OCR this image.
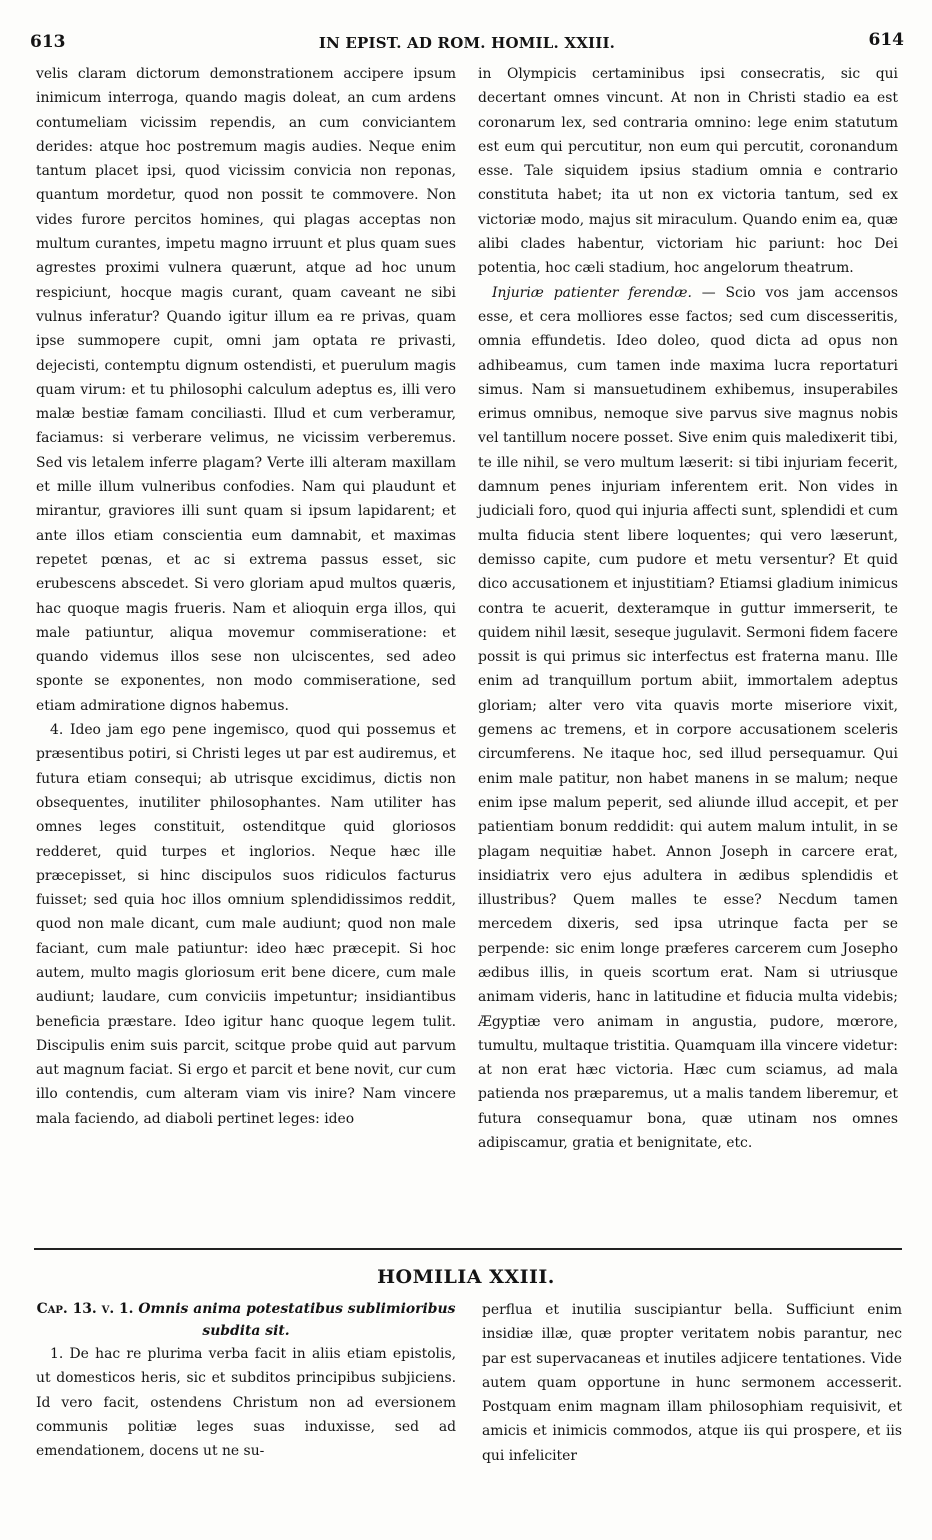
613	IN EPIST. AD ROM. HOMIL. XXIII.	614

velis claram dictorum demonstrationem accipere ipsum inimicum interroga, quando magis doleat, an cum ardens contumeliam vicissim rependis, an cum conviciantem derides: atque hoc postremum magis audies. Neque enim tantum placet ipsi, quod vicissim convicia non reponas, quantum mordetur, quod non possit te commovere. Non vides furore percitos homines, qui plagas acceptas non multum curantes, impetu magno irruunt et plus quam sues agrestes proximi vulnera quærunt, atque ad hoc unum respiciunt, hocque magis curant, quam caveant ne sibi vulnus inferatur? Quando igitur illum ea re privas, quam ipse summopere cupit, omni jam optata re privasti, dejecisti, contemptu dignum ostendisti, et puerulum magis quam virum: et tu philosophi calculum adeptus es, illi vero malæ bestiæ famam conciliasti. Illud et cum verberamur, faciamus: si verberare velimus, ne vicissim verberemus. Sed vis letalem inferre plagam? Verte illi alteram maxillam et mille illum vulneribus confodies. Nam qui plaudunt et mirantur, graviores illi sunt quam si ipsum lapidarent; et ante illos etiam conscientia eum damnabit, et maximas repetet pœnas, et ac si extrema passus esset, sic erubescens abscedet. Si vero gloriam apud multos quæris, hac quoque magis frueris. Nam et alioquin erga illos, qui male patiuntur, aliqua movemur commiseratione: et quando videmus illos sese non ulciscentes, sed adeo sponte se exponentes, non modo commiseratione, sed etiam admiratione dignos habemus.

4. Ideo jam ego pene ingemisco, quod qui possemus et præsentibus potiri, si Christi leges ut par est audiremus, et futura etiam consequi; ab utrisque excidimus, dictis non obsequentes, inutiliter philosophantes. Nam utiliter has omnes leges constituit, ostenditque quid gloriosos redderet, quid turpes et inglorios. Neque hæc ille præcepisset, si hinc discipulos suos ridiculos facturus fuisset; sed quia hoc illos omnium splendidissimos reddit, quod non male dicant, cum male audiunt; quod non male faciant, cum male patiuntur: ideo hæc præcepit. Si hoc autem, multo magis gloriosum erit bene dicere, cum male audiunt; laudare, cum conviciis impetuntur; insidiantibus beneficia præstare. Ideo igitur hanc quoque legem tulit. Discipulis enim suis parcit, scitque probe quid aut parvum aut magnum faciat. Si ergo et parcit et bene novit, cur cum illo contendis, cum alteram viam vis inire? Nam vincere mala faciendo, ad diaboli pertinet leges: ideo

in Olympicis certaminibus ipsi consecratis, sic qui decertant omnes vincunt. At non in Christi stadio ea est coronarum lex, sed contraria omnino: lege enim statutum est eum qui percutitur, non eum qui percutit, coronandum esse. Tale siquidem ipsius stadium omnia e contrario constituta habet; ita ut non ex victoria tantum, sed ex victoriæ modo, majus sit miraculum. Quando enim ea, quæ alibi clades habentur, victoriam hic pariunt: hoc Dei potentia, hoc cæli stadium, hoc angelorum theatrum.

Injuriæ patienter ferendæ. — Scio vos jam accensos esse, et cera molliores esse factos; sed cum discesseritis, omnia effundetis. Ideo doleo, quod dicta ad opus non adhibeamus, cum tamen inde maxima lucra reportaturi simus. Nam si mansuetudinem exhibemus, insuperabiles erimus omnibus, nemoque sive parvus sive magnus nobis vel tantillum nocere posset. Sive enim quis maledixerit tibi, te ille nihil, se vero multum læserit: si tibi injuriam fecerit, damnum penes injuriam inferentem erit. Non vides in judiciali foro, quod qui injuria affecti sunt, splendidi et cum multa fiducia stent libere loquentes; qui vero læserunt, demisso capite, cum pudore et metu versentur? Et quid dico accusationem et injustitiam? Etiamsi gladium inimicus contra te acuerit, dexteramque in guttur immerserit, te quidem nihil læsit, seseque jugulavit. Sermoni fidem facere possit is qui primus sic interfectus est fraterna manu. Ille enim ad tranquillum portum abiit, immortalem adeptus gloriam; alter vero vita quavis morte miseriore vixit, gemens ac tremens, et in corpore accusationem sceleris circumferens. Ne itaque hoc, sed illud persequamur. Qui enim male patitur, non habet manens in se malum; neque enim ipse malum peperit, sed aliunde illud accepit, et per patientiam bonum reddidit: qui autem malum intulit, in se plagam nequitiæ habet. Annon Joseph in carcere erat, insidiatrix vero ejus adultera in ædibus splendidis et illustribus? Quem malles te esse? Necdum tamen mercedem dixeris, sed ipsa utrinque facta per se perpende: sic enim longe præferes carcerem cum Josepho ædibus illis, in queis scortum erat. Nam si utriusque animam videris, hanc in latitudine et fiducia multa videbis; Ægyptiæ vero animam in angustia, pudore, mœrore, tumultu, multaque tristitia. Quamquam illa vincere videtur: at non erat hæc victoria. Hæc cum sciamus, ad mala patienda nos præparemus, ut a malis tandem liberemur, et futura consequamur bona, quæ utinam nos omnes adipiscamur, gratia et benignitate, etc.

HOMILIA XXIII.

Cap. 13. v. 1. Omnis anima potestatibus sublimioribus subdita sit.

1. De hac re plurima verba facit in aliis etiam epistolis, ut domesticos heris, sic et subditos principibus subjiciens. Id vero facit, ostendens Christum non ad eversionem communis politiæ leges suas induxisse, sed ad emendationem, docens ut ne su-

perflua et inutilia suscipiantur bella. Sufficiunt enim insidiæ illæ, quæ propter veritatem nobis parantur, nec par est supervacaneas et inutiles adjicere tentationes. Vide autem quam opportune in hunc sermonem accesserit. Postquam enim magnam illam philosophiam requisivit, et amicis et inimicis commodos, atque iis qui prospere, et iis qui infeliciter
